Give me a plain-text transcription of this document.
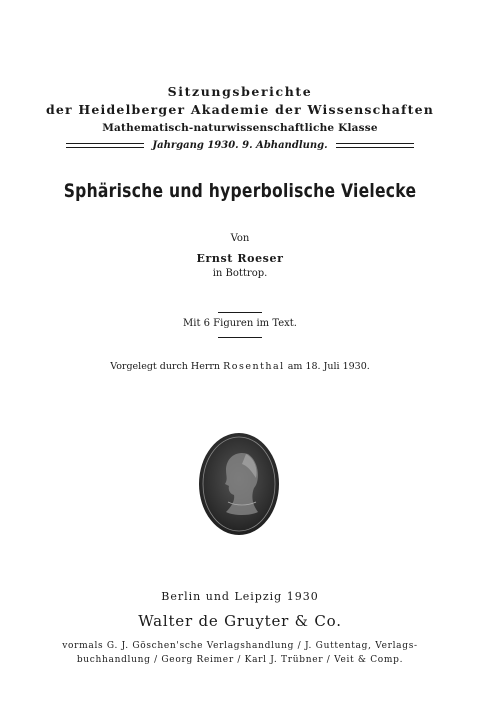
Sitzungsberichte
der Heidelberger Akademie der Wissenschaften
Mathematisch-naturwissenschaftliche Klasse
Jahrgang 1930. 9. Abhandlung.
Sphärische und hyperbolische Vielecke
Von
Ernst Roeser
in Bottrop.
Mit 6 Figuren im Text.
Vorgelegt durch Herrn Rosenthal am 18. Juli 1930.
Berlin und Leipzig 1930
Walter de Gruyter & Co.
vormals G. J. Göschen'sche Verlagshandlung / J. Guttentag, Verlags-
buchhandlung / Georg Reimer / Karl J. Trübner / Veit & Comp.
